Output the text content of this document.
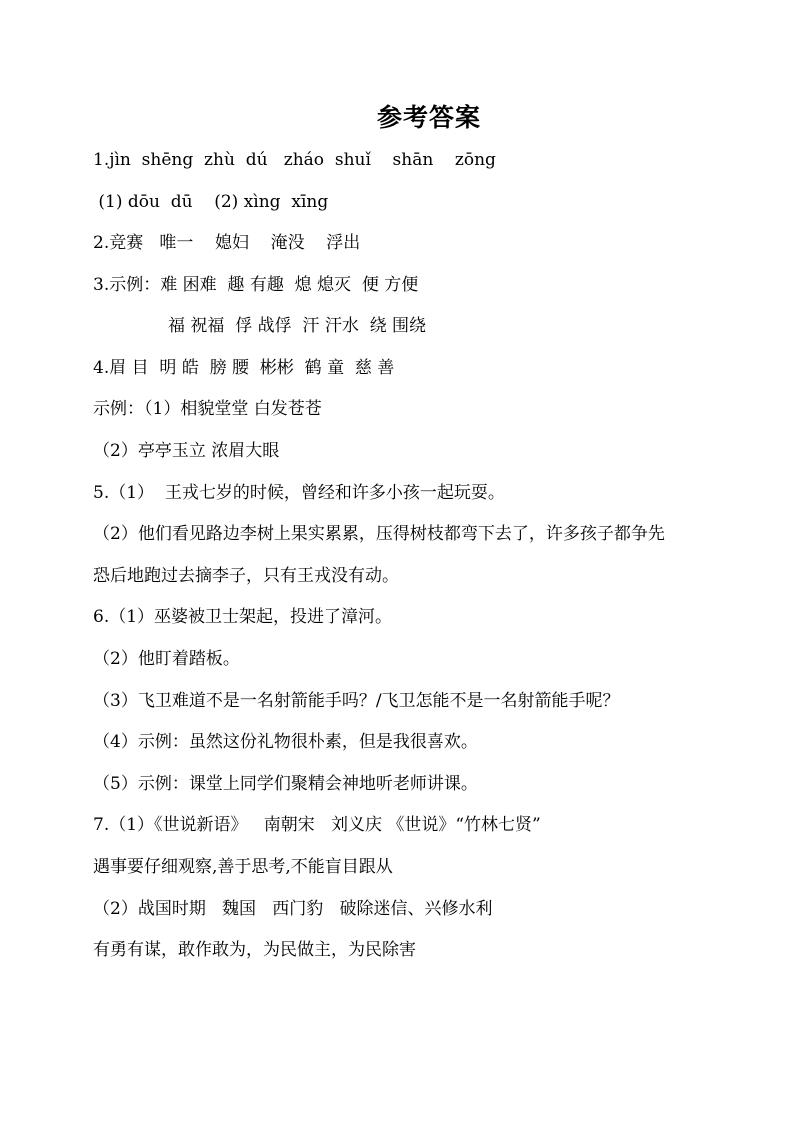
参考答案
1.jìn  shēng  zhù  dú   zháo  shuǐ    shān    zōng
(1) dōu  dū    (2) xìng  xīng
2.竞赛   唯一    媳妇    淹没    浮出
3.示例：难 困难  趣 有趣  熄 熄灭  便 方便
福 祝福  俘 战俘  汗 汗水  绕 围绕
4.眉 目  明 皓  膀 腰  彬彬  鹤 童  慈 善
示例：（1）相貌堂堂 白发苍苍
（2）亭亭玉立 浓眉大眼
5.（1）  王戎七岁的时候，曾经和许多小孩一起玩耍。
（2）他们看见路边李树上果实累累，压得树枝都弯下去了，许多孩子都争先
恐后地跑过去摘李子，只有王戎没有动。
6.（1）巫婆被卫士架起，投进了漳河。
（2）他盯着踏板。
（3）飞卫难道不是一名射箭能手吗？/飞卫怎能不是一名射箭能手呢？
（4）示例：虽然这份礼物很朴素，但是我很喜欢。
（5）示例：课堂上同学们聚精会神地听老师讲课。
7.（1）《世说新语》   南朝宋   刘义庆 《世说》“竹林七贤”
遇事要仔细观察,善于思考,不能盲目跟从
（2）战国时期   魏国   西门豹   破除迷信、兴修水利
有勇有谋，敢作敢为，为民做主，为民除害
